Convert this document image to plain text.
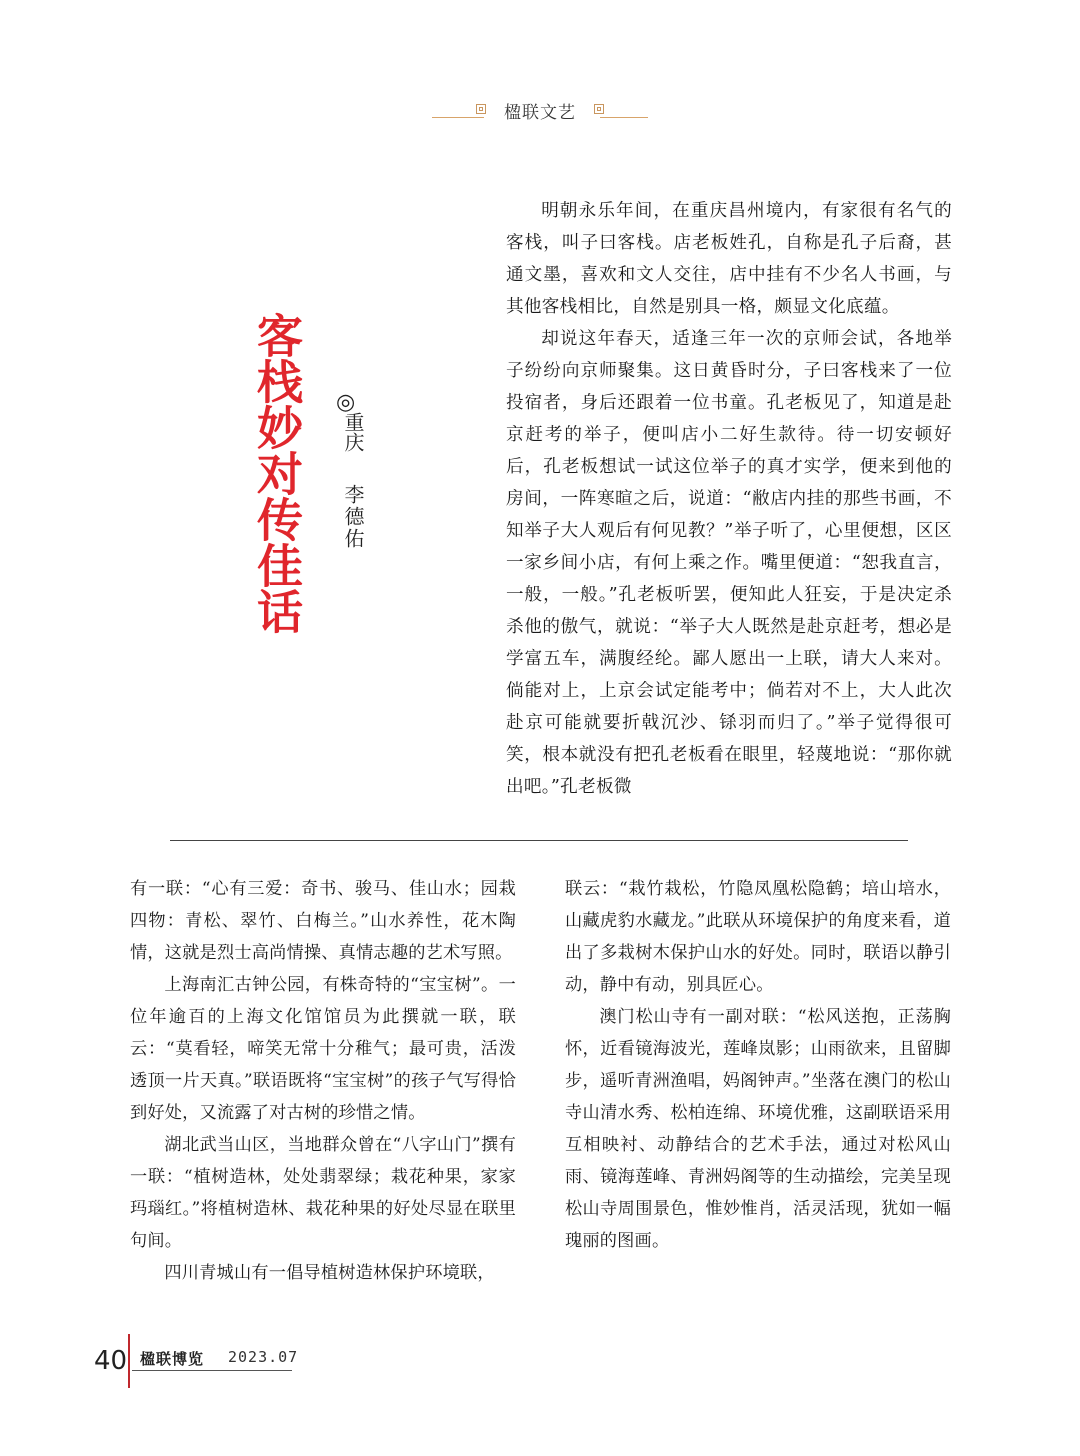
楹联文艺
客栈妙对传佳话 ◎
重庆
李德佑

明朝永乐年间，在重庆昌州境内，有家很有名气的客栈，叫子曰客栈。店老板姓孔，自称是孔子后裔，甚通文墨，喜欢和文人交往，店中挂有不少名人书画，与其他客栈相比，自然是别具一格，颇显文化底蕴。

却说这年春天，适逢三年一次的京师会试，各地举子纷纷向京师聚集。这日黄昏时分，子曰客栈来了一位投宿者，身后还跟着一位书童。孔老板见了，知道是赴京赶考的举子，便叫店小二好生款待。待一切安顿好后，孔老板想试一试这位举子的真才实学，便来到他的房间，一阵寒暄之后，说道：“敝店内挂的那些书画，不知举子大人观后有何见教？”举子听了，心里便想，区区一家乡间小店，有何上乘之作。嘴里便道：“恕我直言，一般，一般。”孔老板听罢，便知此人狂妄，于是决定杀杀他的傲气，就说：“举子大人既然是赴京赶考，想必是学富五车，满腹经纶。鄙人愿出一上联，请大人来对。倘能对上，上京会试定能考中；倘若对不上，大人此次赴京可能就要折戟沉沙、铩羽而归了。”举子觉得很可笑，根本就没有把孔老板看在眼里，轻蔑地说：“那你就出吧。”孔老板微

有一联：“心有三爱：奇书、骏马、佳山水；园栽四物：青松、翠竹、白梅兰。”山水养性，花木陶情，这就是烈士高尚情操、真情志趣的艺术写照。

上海南汇古钟公园，有株奇特的“宝宝树”。一位年逾百的上海文化馆馆员为此撰就一联，联云：“莫看轻，啼笑无常十分稚气；最可贵，活泼透顶一片天真。”联语既将“宝宝树”的孩子气写得恰到好处，又流露了对古树的珍惜之情。

湖北武当山区，当地群众曾在“八字山门”撰有一联：“植树造林，处处翡翠绿；栽花种果，家家玛瑙红。”将植树造林、栽花种果的好处尽显在联里句间。

四川青城山有一倡导植树造林保护环境联，

联云：“栽竹栽松，竹隐凤凰松隐鹤；培山培水，山藏虎豹水藏龙。”此联从环境保护的角度来看，道出了多栽树木保护山水的好处。同时，联语以静引动，静中有动，别具匠心。

澳门松山寺有一副对联：“松风送抱，正荡胸怀，近看镜海波光，莲峰岚影；山雨欲来，且留脚步，遥听青洲渔唱，妈阁钟声。”坐落在澳门的松山寺山清水秀、松柏连绵、环境优雅，这副联语采用互相映衬、动静结合的艺术手法，通过对松风山雨、镜海莲峰、青洲妈阁等的生动描绘，完美呈现松山寺周围景色，惟妙惟肖，活灵活现，犹如一幅瑰丽的图画。

40 楹联博览 2023.07
